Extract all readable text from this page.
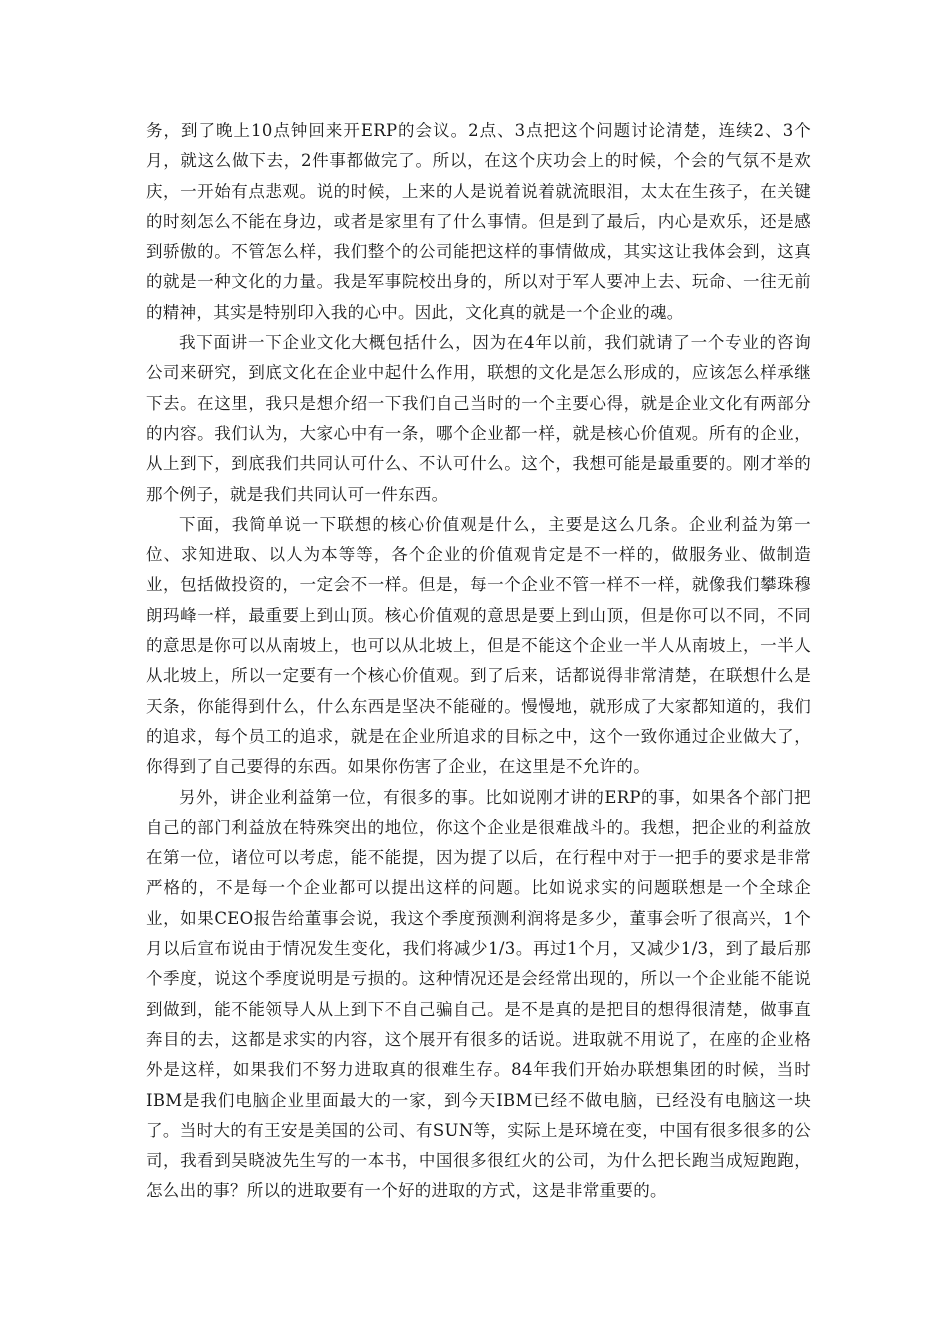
务，到了晚上10点钟回来开ERP的会议。2点、3点把这个问题讨论清楚，连续2、3个月，就这么做下去，2件事都做完了。所以，在这个庆功会上的时候，个会的气氛不是欢庆，一开始有点悲观。说的时候，上来的人是说着说着就流眼泪，太太在生孩子，在关键的时刻怎么不能在身边，或者是家里有了什么事情。但是到了最后，内心是欢乐，还是感到骄傲的。不管怎么样，我们整个的公司能把这样的事情做成，其实这让我体会到，这真的就是一种文化的力量。我是军事院校出身的，所以对于军人要冲上去、玩命、一往无前的精神，其实是特别印入我的心中。因此，文化真的就是一个企业的魂。

我下面讲一下企业文化大概包括什么，因为在4年以前，我们就请了一个专业的咨询公司来研究，到底文化在企业中起什么作用，联想的文化是怎么形成的，应该怎么样承继下去。在这里，我只是想介绍一下我们自己当时的一个主要心得，就是企业文化有两部分的内容。我们认为，大家心中有一条，哪个企业都一样，就是核心价值观。所有的企业，从上到下，到底我们共同认可什么、不认可什么。这个，我想可能是最重要的。刚才举的那个例子，就是我们共同认可一件东西。

下面，我简单说一下联想的核心价值观是什么，主要是这么几条。企业利益为第一位、求知进取、以人为本等等，各个企业的价值观肯定是不一样的，做服务业、做制造业，包括做投资的，一定会不一样。但是，每一个企业不管一样不一样，就像我们攀珠穆朗玛峰一样，最重要上到山顶。核心价值观的意思是要上到山顶，但是你可以不同，不同的意思是你可以从南坡上，也可以从北坡上，但是不能这个企业一半人从南坡上，一半人从北坡上，所以一定要有一个核心价值观。到了后来，话都说得非常清楚，在联想什么是天条，你能得到什么，什么东西是坚决不能碰的。慢慢地，就形成了大家都知道的，我们的追求，每个员工的追求，就是在企业所追求的目标之中，这个一致你通过企业做大了，你得到了自己要得的东西。如果你伤害了企业，在这里是不允许的。

另外，讲企业利益第一位，有很多的事。比如说刚才讲的ERP的事，如果各个部门把自己的部门利益放在特殊突出的地位，你这个企业是很难战斗的。我想，把企业的利益放在第一位，诸位可以考虑，能不能提，因为提了以后，在行程中对于一把手的要求是非常严格的，不是每一个企业都可以提出这样的问题。比如说求实的问题联想是一个全球企业，如果CEO报告给董事会说，我这个季度预测利润将是多少，董事会听了很高兴，1个月以后宣布说由于情况发生变化，我们将减少1/3。再过1个月，又减少1/3，到了最后那个季度，说这个季度说明是亏损的。这种情况还是会经常出现的，所以一个企业能不能说到做到，能不能领导人从上到下不自己骗自己。是不是真的是把目的想得很清楚，做事直奔目的去，这都是求实的内容，这个展开有很多的话说。进取就不用说了，在座的企业格外是这样，如果我们不努力进取真的很难生存。84年我们开始办联想集团的时候，当时IBM是我们电脑企业里面最大的一家，到今天IBM已经不做电脑，已经没有电脑这一块了。当时大的有王安是美国的公司、有SUN等，实际上是环境在变，中国有很多很多的公司，我看到吴晓波先生写的一本书，中国很多很红火的公司，为什么把长跑当成短跑跑，怎么出的事？所以的进取要有一个好的进取的方式，这是非常重要的。
